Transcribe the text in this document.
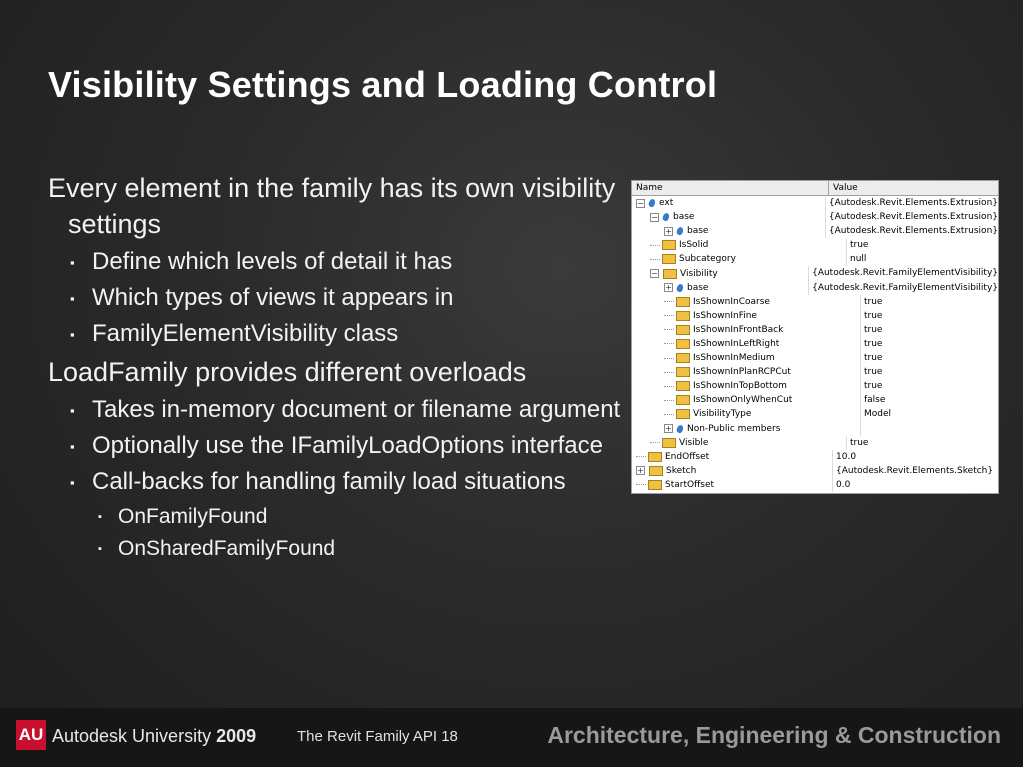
Visibility Settings and Loading Control
Every element in the family has its own visibility settings
▪ Define which levels of detail it has
▪ Which types of views it appears in
▪ FamilyElementVisibility class
LoadFamily provides different overloads
▪ Takes in-memory document or filename argument
▪ Optionally use the IFamilyLoadOptions interface
▪ Call-backs for handling family load situations
▪ OnFamilyFound
▪ OnSharedFamilyFound
Name	Value
− ext	{Autodesk.Revit.Elements.Extrusion}
− base	{Autodesk.Revit.Elements.Extrusion}
+ base	{Autodesk.Revit.Elements.Extrusion}
IsSolid	true
Subcategory	null
− Visibility	{Autodesk.Revit.FamilyElementVisibility}
+ base	{Autodesk.Revit.FamilyElementVisibility}
IsShownInCoarse	true
IsShownInFine	true
IsShownInFrontBack	true
IsShownInLeftRight	true
IsShownInMedium	true
IsShownInPlanRCPCut	true
IsShownInTopBottom	true
IsShownOnlyWhenCut	false
VisibilityType	Model
+ Non-Public members
Visible	true
EndOffset	10.0
+ Sketch	{Autodesk.Revit.Elements.Sketch}
StartOffset	0.0
AU Autodesk University 2009	The Revit Family API 18	Architecture, Engineering & Construction
